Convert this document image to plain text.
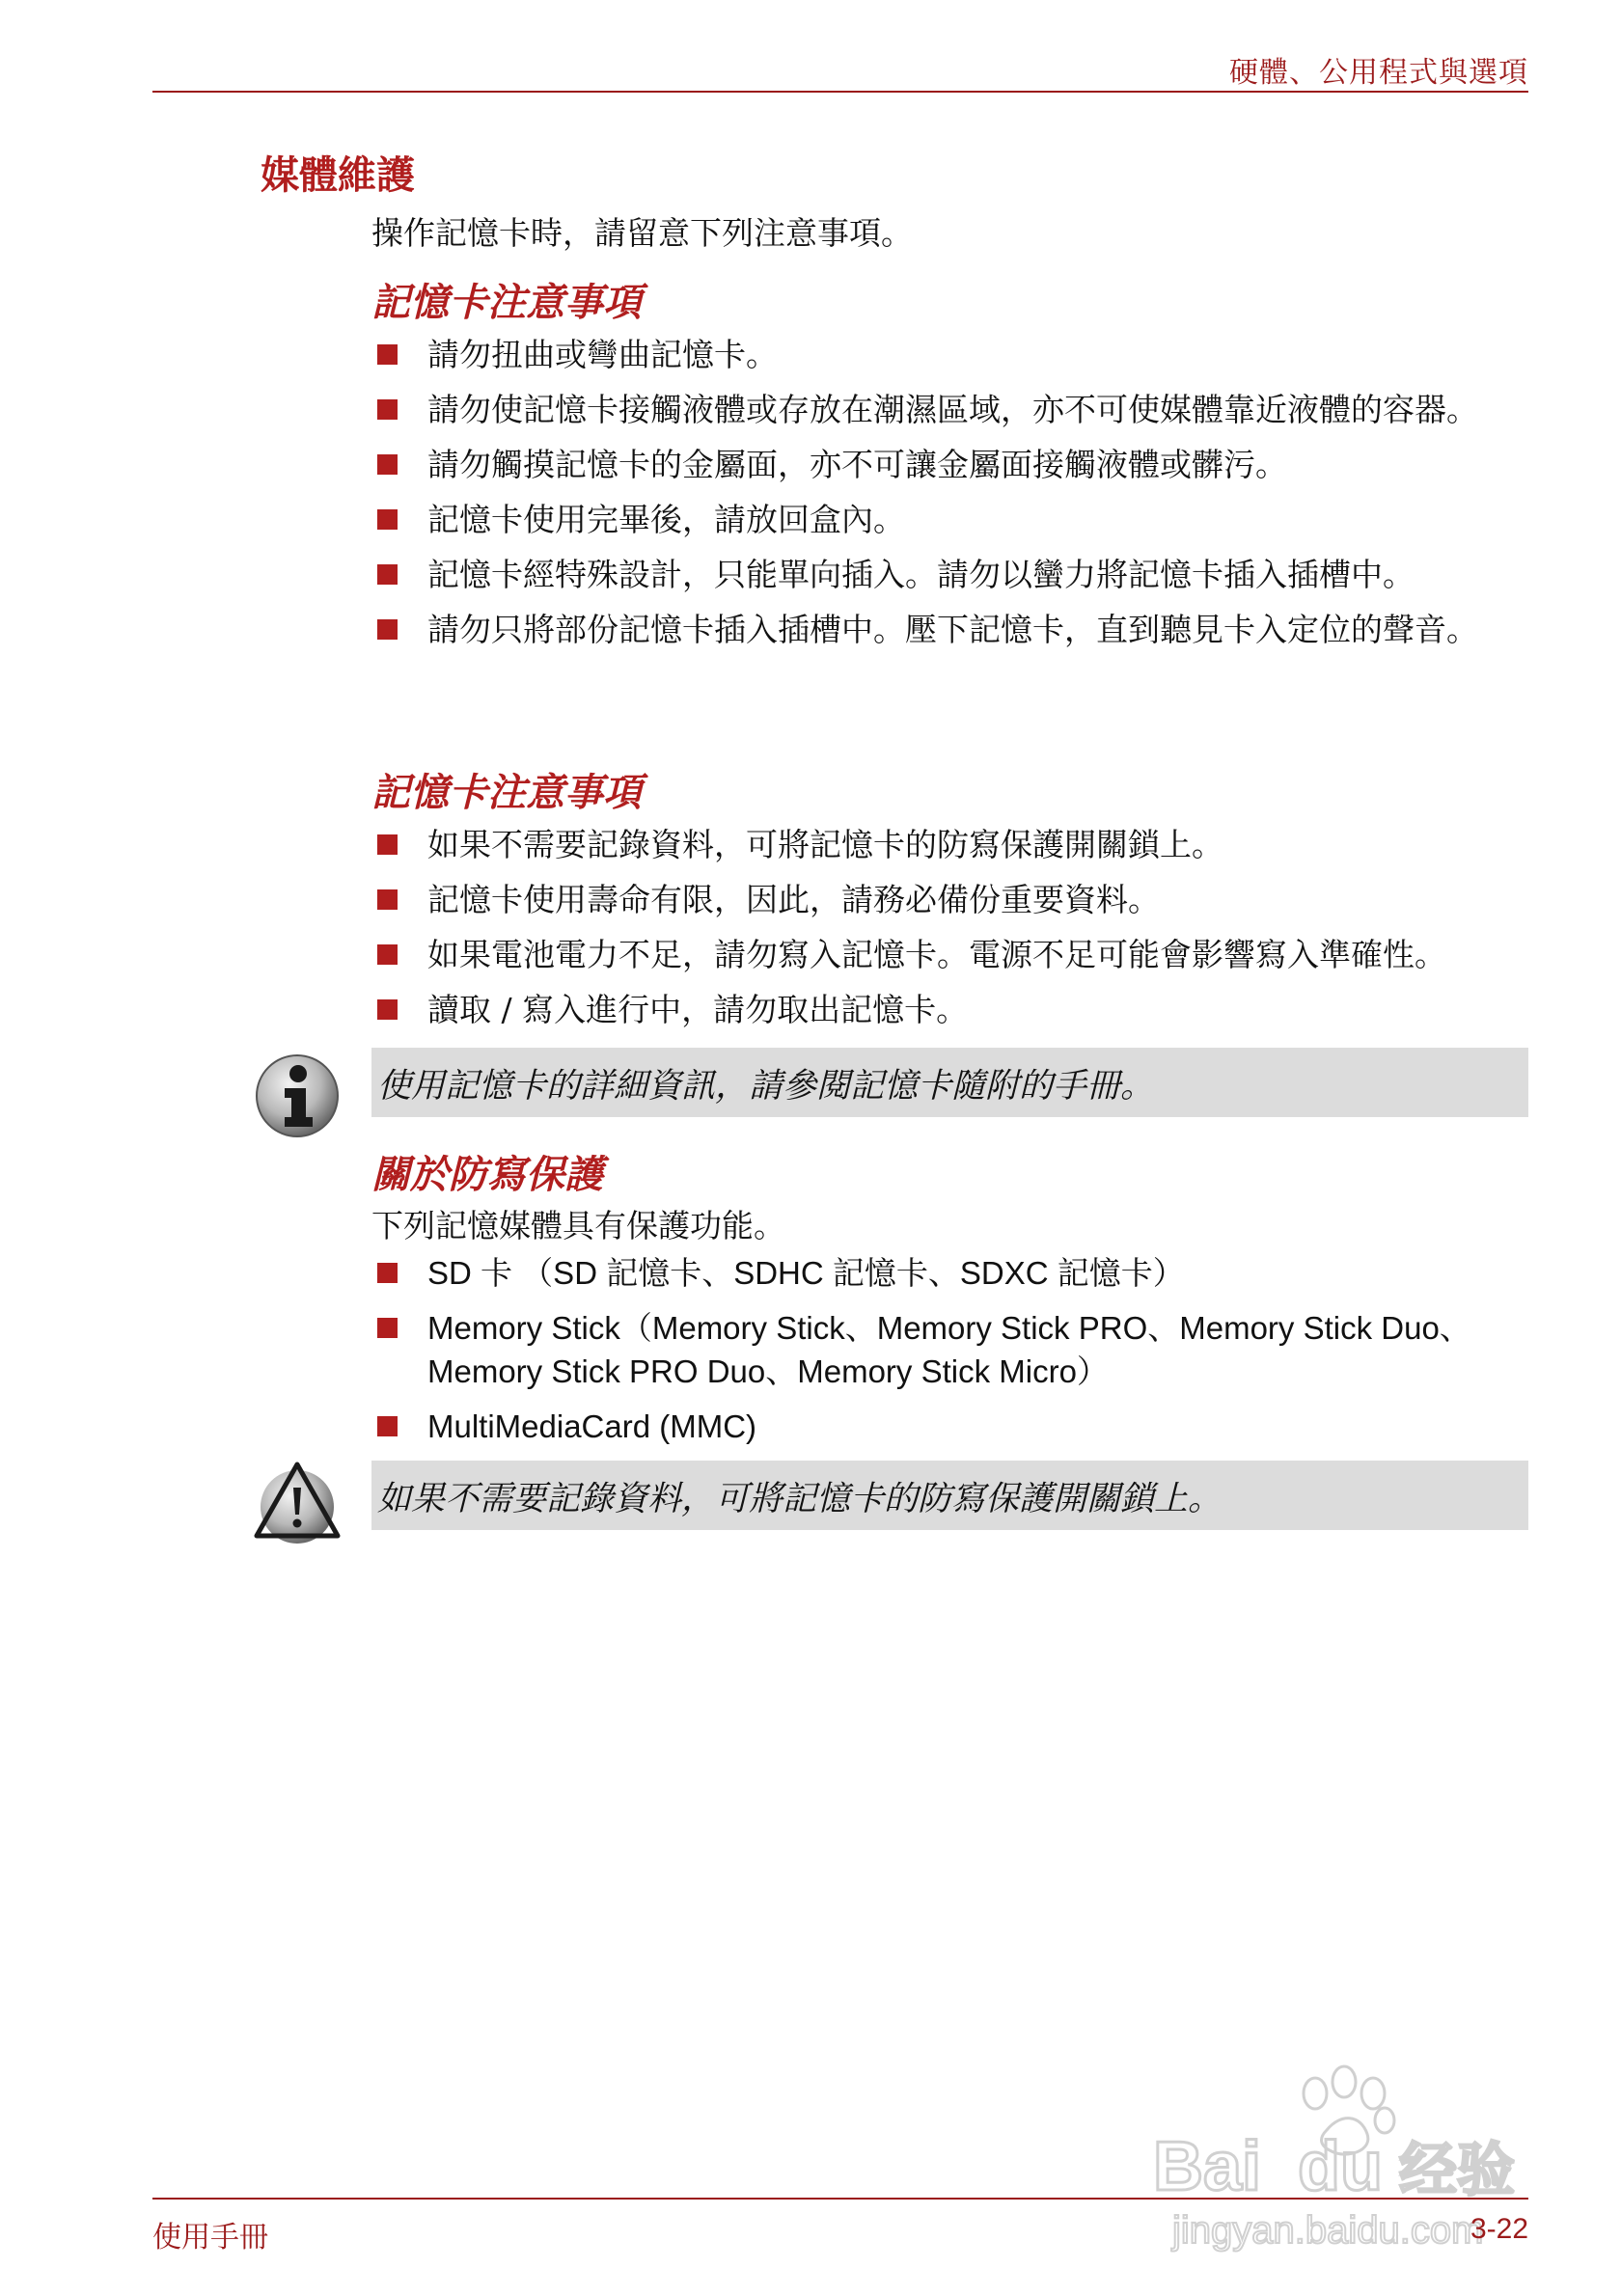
硬體、公用程式與選項
媒體維護

操作記憶卡時，請留意下列注意事項。

記憶卡注意事項
請勿扭曲或彎曲記憶卡。
請勿使記憶卡接觸液體或存放在潮濕區域，亦不可使媒體靠近液體的容器。
請勿觸摸記憶卡的金屬面，亦不可讓金屬面接觸液體或髒污。
記憶卡使用完畢後，請放回盒內。
記憶卡經特殊設計，只能單向插入。請勿以蠻力將記憶卡插入插槽中。
請勿只將部份記憶卡插入插槽中。壓下記憶卡，直到聽見卡入定位的聲音。
記憶卡注意事項
如果不需要記錄資料，可將記憶卡的防寫保護開關鎖上。
記憶卡使用壽命有限，因此，請務必備份重要資料。
如果電池電力不足，請勿寫入記憶卡。電源不足可能會影響寫入準確性。
讀取 / 寫入進行中，請勿取出記憶卡。
使用記憶卡的詳細資訊，請參閱記憶卡隨附的手冊。
關於防寫保護

下列記憶媒體具有保護功能。

SD 卡 （SD 記憶卡、SDHC 記憶卡、SDXC 記憶卡）
Memory Stick（Memory Stick、Memory Stick PRO、Memory Stick Duo、Memory Stick PRO Duo、Memory Stick Micro）
MultiMediaCard (MMC)
如果不需要記錄資料，可將記憶卡的防寫保護開關鎖上。
Bai du 经验
jingyan.baidu.com
使用手冊	3-22
